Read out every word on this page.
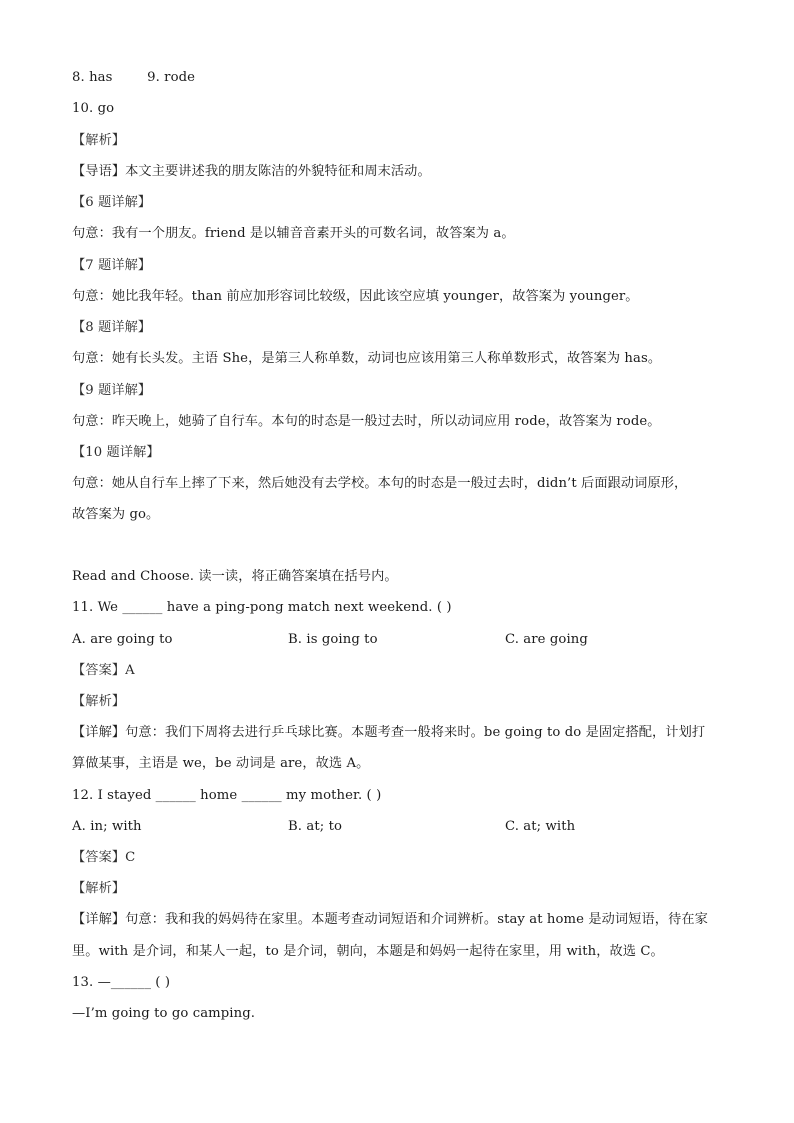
8. has	9. rode
10. go
【解析】
【导语】本文主要讲述我的朋友陈洁的外貌特征和周末活动。
【6 题详解】
句意：我有一个朋友。friend 是以辅音音素开头的可数名词，故答案为 a。
【7 题详解】
句意：她比我年轻。than 前应加形容词比较级，因此该空应填 younger，故答案为 younger。
【8 题详解】
句意：她有长头发。主语 She，是第三人称单数，动词也应该用第三人称单数形式，故答案为 has。
【9 题详解】
句意：昨天晚上，她骑了自行车。本句的时态是一般过去时，所以动词应用 rode，故答案为 rode。
【10 题详解】
句意：她从自行车上摔了下来，然后她没有去学校。本句的时态是一般过去时，didn’t 后面跟动词原形，
故答案为 go。
Read and Choose. 读一读，将正确答案填在括号内。
11. We ______ have a ping-pong match next weekend. ( )
A. are going to	B. is going to	C. are going
【答案】A
【解析】
【详解】句意：我们下周将去进行乒乓球比赛。本题考查一般将来时。be going to do 是固定搭配，计划打
算做某事，主语是 we，be 动词是 are，故选 A。
12. I stayed ______ home ______ my mother. ( )
A. in; with	B. at; to	C. at; with
【答案】C
【解析】
【详解】句意：我和我的妈妈待在家里。本题考查动词短语和介词辨析。stay at home 是动词短语，待在家
里。with 是介词，和某人一起，to 是介词，朝向，本题是和妈妈一起待在家里，用 with，故选 C。
13. —______ ( )
—I’m going to go camping.
